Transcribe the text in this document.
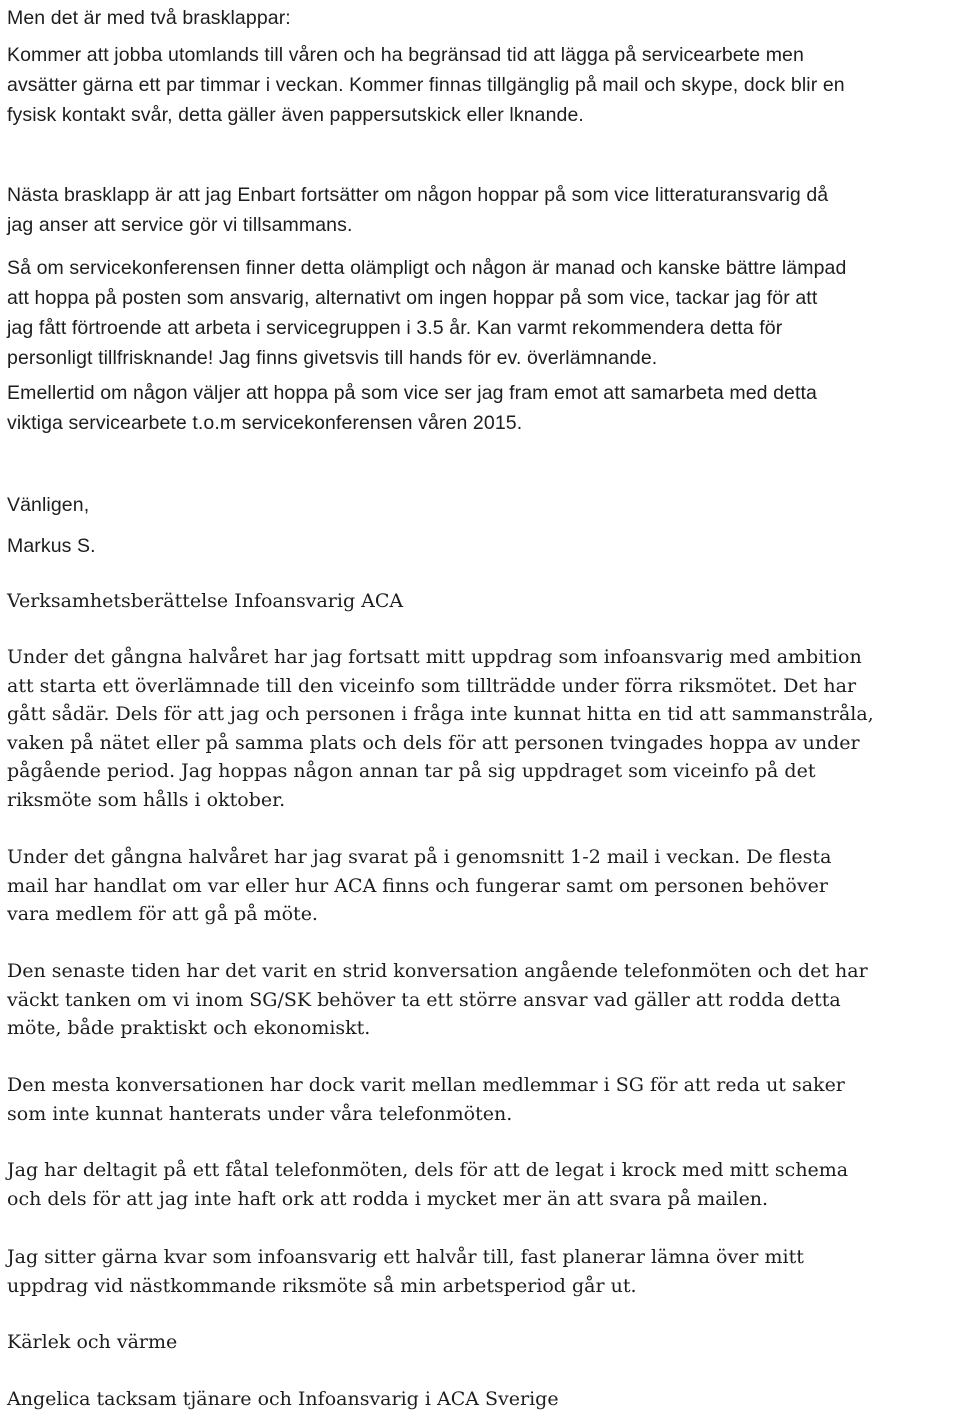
Men det är med två brasklappar:

Kommer att jobba utomlands till våren och ha begränsad tid att lägga på servicearbete men
avsätter gärna ett par timmar i veckan. Kommer finnas tillgänglig på mail och skype, dock blir en
fysisk kontakt svår, detta gäller även pappersutskick eller lknande.

Nästa brasklapp är att jag Enbart fortsätter om någon hoppar på som vice litteraturansvarig då
jag anser att service gör vi tillsammans.

Så om servicekonferensen finner detta olämpligt och någon är manad och kanske bättre lämpad
att hoppa på posten som ansvarig, alternativt om ingen hoppar på som vice, tackar jag för att
jag fått förtroende att arbeta i servicegruppen i 3.5 år. Kan varmt rekommendera detta för
personligt tillfrisknande! Jag finns givetsvis till hands för ev. överlämnande.

Emellertid om någon väljer att hoppa på som vice ser jag fram emot att samarbeta med detta
viktiga servicearbete t.o.m servicekonferensen våren 2015.

Vänligen,

Markus S.

Verksamhetsberättelse Infoansvarig ACA

Under det gångna halvåret har jag fortsatt mitt uppdrag som infoansvarig med ambition
att starta ett överlämnade till den viceinfo som tillträdde under förra riksmötet. Det har
gått sådär. Dels för att jag och personen i fråga inte kunnat hitta en tid att sammanstråla,
vaken på nätet eller på samma plats och dels för att personen tvingades hoppa av under
pågående period. Jag hoppas någon annan tar på sig uppdraget som viceinfo på det
riksmöte som hålls i oktober.

Under det gångna halvåret har jag svarat på i genomsnitt 1-2 mail i veckan. De flesta
mail har handlat om var eller hur ACA finns och fungerar samt om personen behöver
vara medlem för att gå på möte.

Den senaste tiden har det varit en strid konversation angående telefonmöten och det har
väckt tanken om vi inom SG/SK behöver ta ett större ansvar vad gäller att rodda detta
möte, både praktiskt och ekonomiskt.

Den mesta konversationen har dock varit mellan medlemmar i SG för att reda ut saker
som inte kunnat hanterats under våra telefonmöten.

Jag har deltagit på ett fåtal telefonmöten, dels för att de legat i krock med mitt schema
och dels för att jag inte haft ork att rodda i mycket mer än att svara på mailen.

Jag sitter gärna kvar som infoansvarig ett halvår till, fast planerar lämna över mitt
uppdrag vid nästkommande riksmöte så min arbetsperiod går ut.

Kärlek och värme

Angelica tacksam tjänare och Infoansvarig i ACA Sverige
